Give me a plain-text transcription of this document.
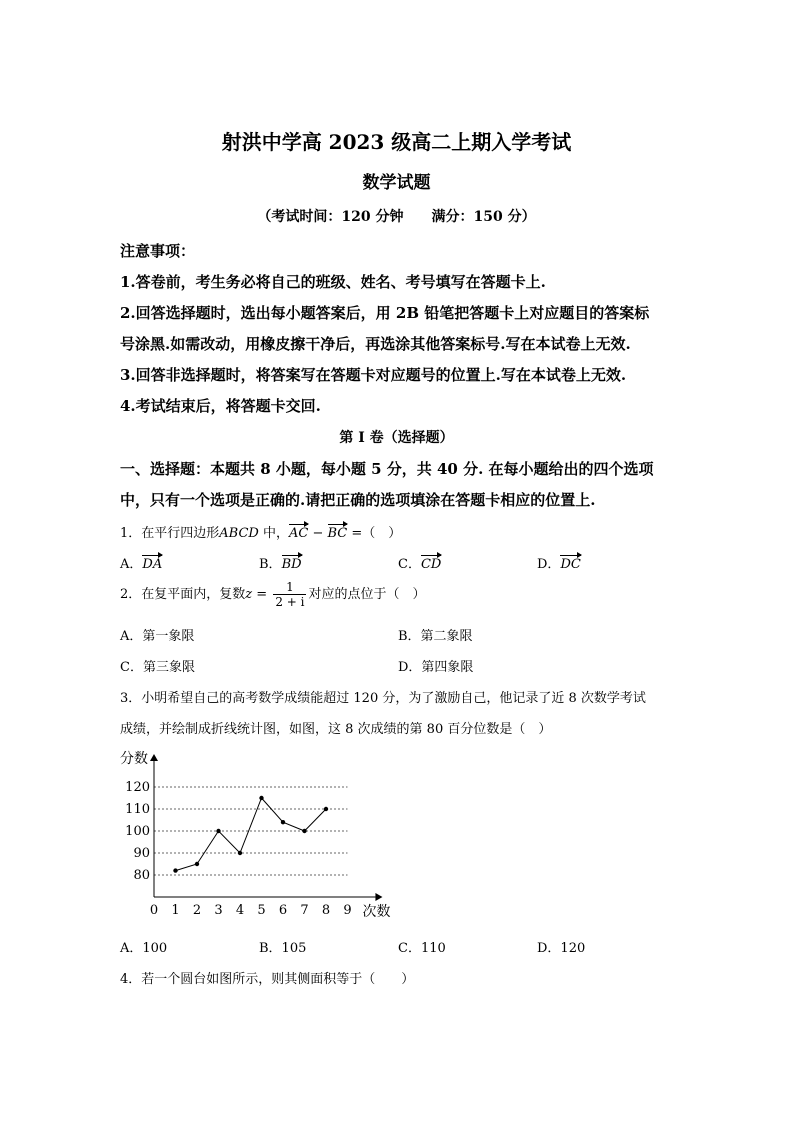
射洪中学高 2023 级高二上期入学考试
数学试题
（考试时间：120 分钟　　满分：150 分）
注意事项：
1.答卷前，考生务必将自己的班级、姓名、考号填写在答题卡上.
2.回答选择题时，选出每小题答案后，用 2B 铅笔把答题卡上对应题目的答案标
号涂黑.如需改动，用橡皮擦干净后，再选涂其他答案标号.写在本试卷上无效.
3.回答非选择题时，将答案写在答题卡对应题号的位置上.写在本试卷上无效.
4.考试结束后，将答题卡交回.
第 I 卷（选择题）
一、选择题：本题共 8 小题，每小题 5 分，共 40 分. 在每小题给出的四个选项
中，只有一个选项是正确的.请把正确的选项填涂在答题卡相应的位置上.
1．在平行四边形ABCD 中，AC − BC =（　）
A．DA	B．BD	C．CD	D．DC
2．在复平面内，复数$z = \frac{1}{2 + i}$ 对应的点位于（　）
A．第一象限	B．第二象限
C．第三象限	D．第四象限
3．小明希望自己的高考数学成绩能超过 120 分，为了激励自己，他记录了近 8 次数学考试
成绩，并绘制成折线统计图，如图，这 8 次成绩的第 80 百分位数是（　）
80
90
100
110
120
0 1 2 3 4 5 6 7 8 9
分数
次数
A．100	B．105	C．110	D．120
4．若一个圆台如图所示，则其侧面积等于（　　）
